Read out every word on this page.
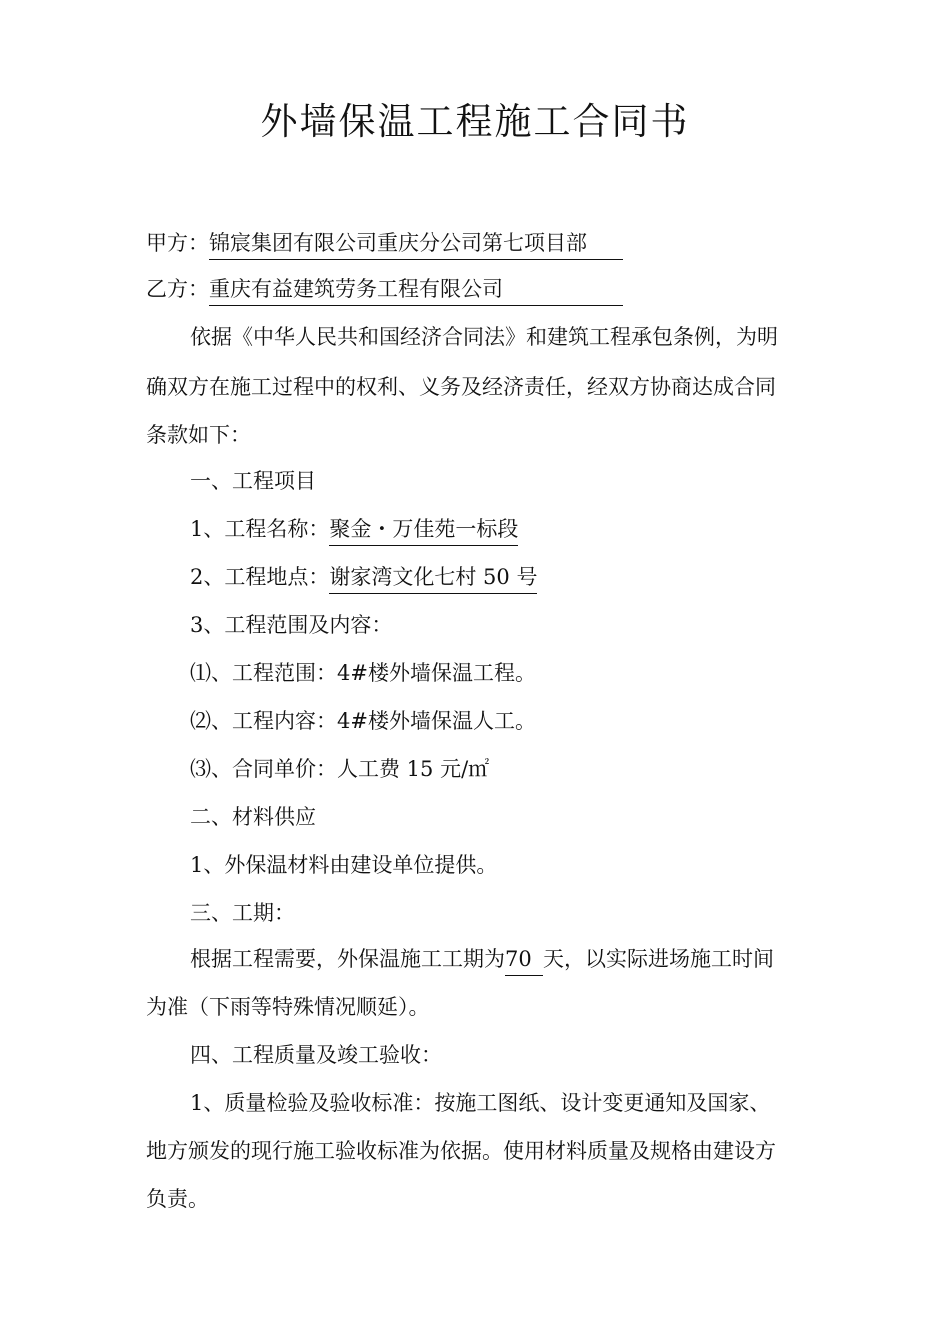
外墙保温工程施工合同书
甲方：锦宸集团有限公司重庆分公司第七项目部
乙方：重庆有益建筑劳务工程有限公司
依据《中华人民共和国经济合同法》和建筑工程承包条例，为明
确双方在施工过程中的权利、义务及经济责任，经双方协商达成合同
条款如下：
一、工程项目
1、工程名称：聚金・万佳苑一标段
2、工程地点：谢家湾文化七村 50 号
3、工程范围及内容：
⑴、工程范围：4#楼外墙保温工程。
⑵、工程内容：4#楼外墙保温人工。
⑶、合同单价：人工费 15 元/㎡
二、材料供应
1、外保温材料由建设单位提供。
三、工期：
根据工程需要，外保温施工工期为70 天，以实际进场施工时间
为准（下雨等特殊情况顺延）。
四、工程质量及竣工验收：
1、质量检验及验收标准：按施工图纸、设计变更通知及国家、
地方颁发的现行施工验收标准为依据。使用材料质量及规格由建设方
负责。
